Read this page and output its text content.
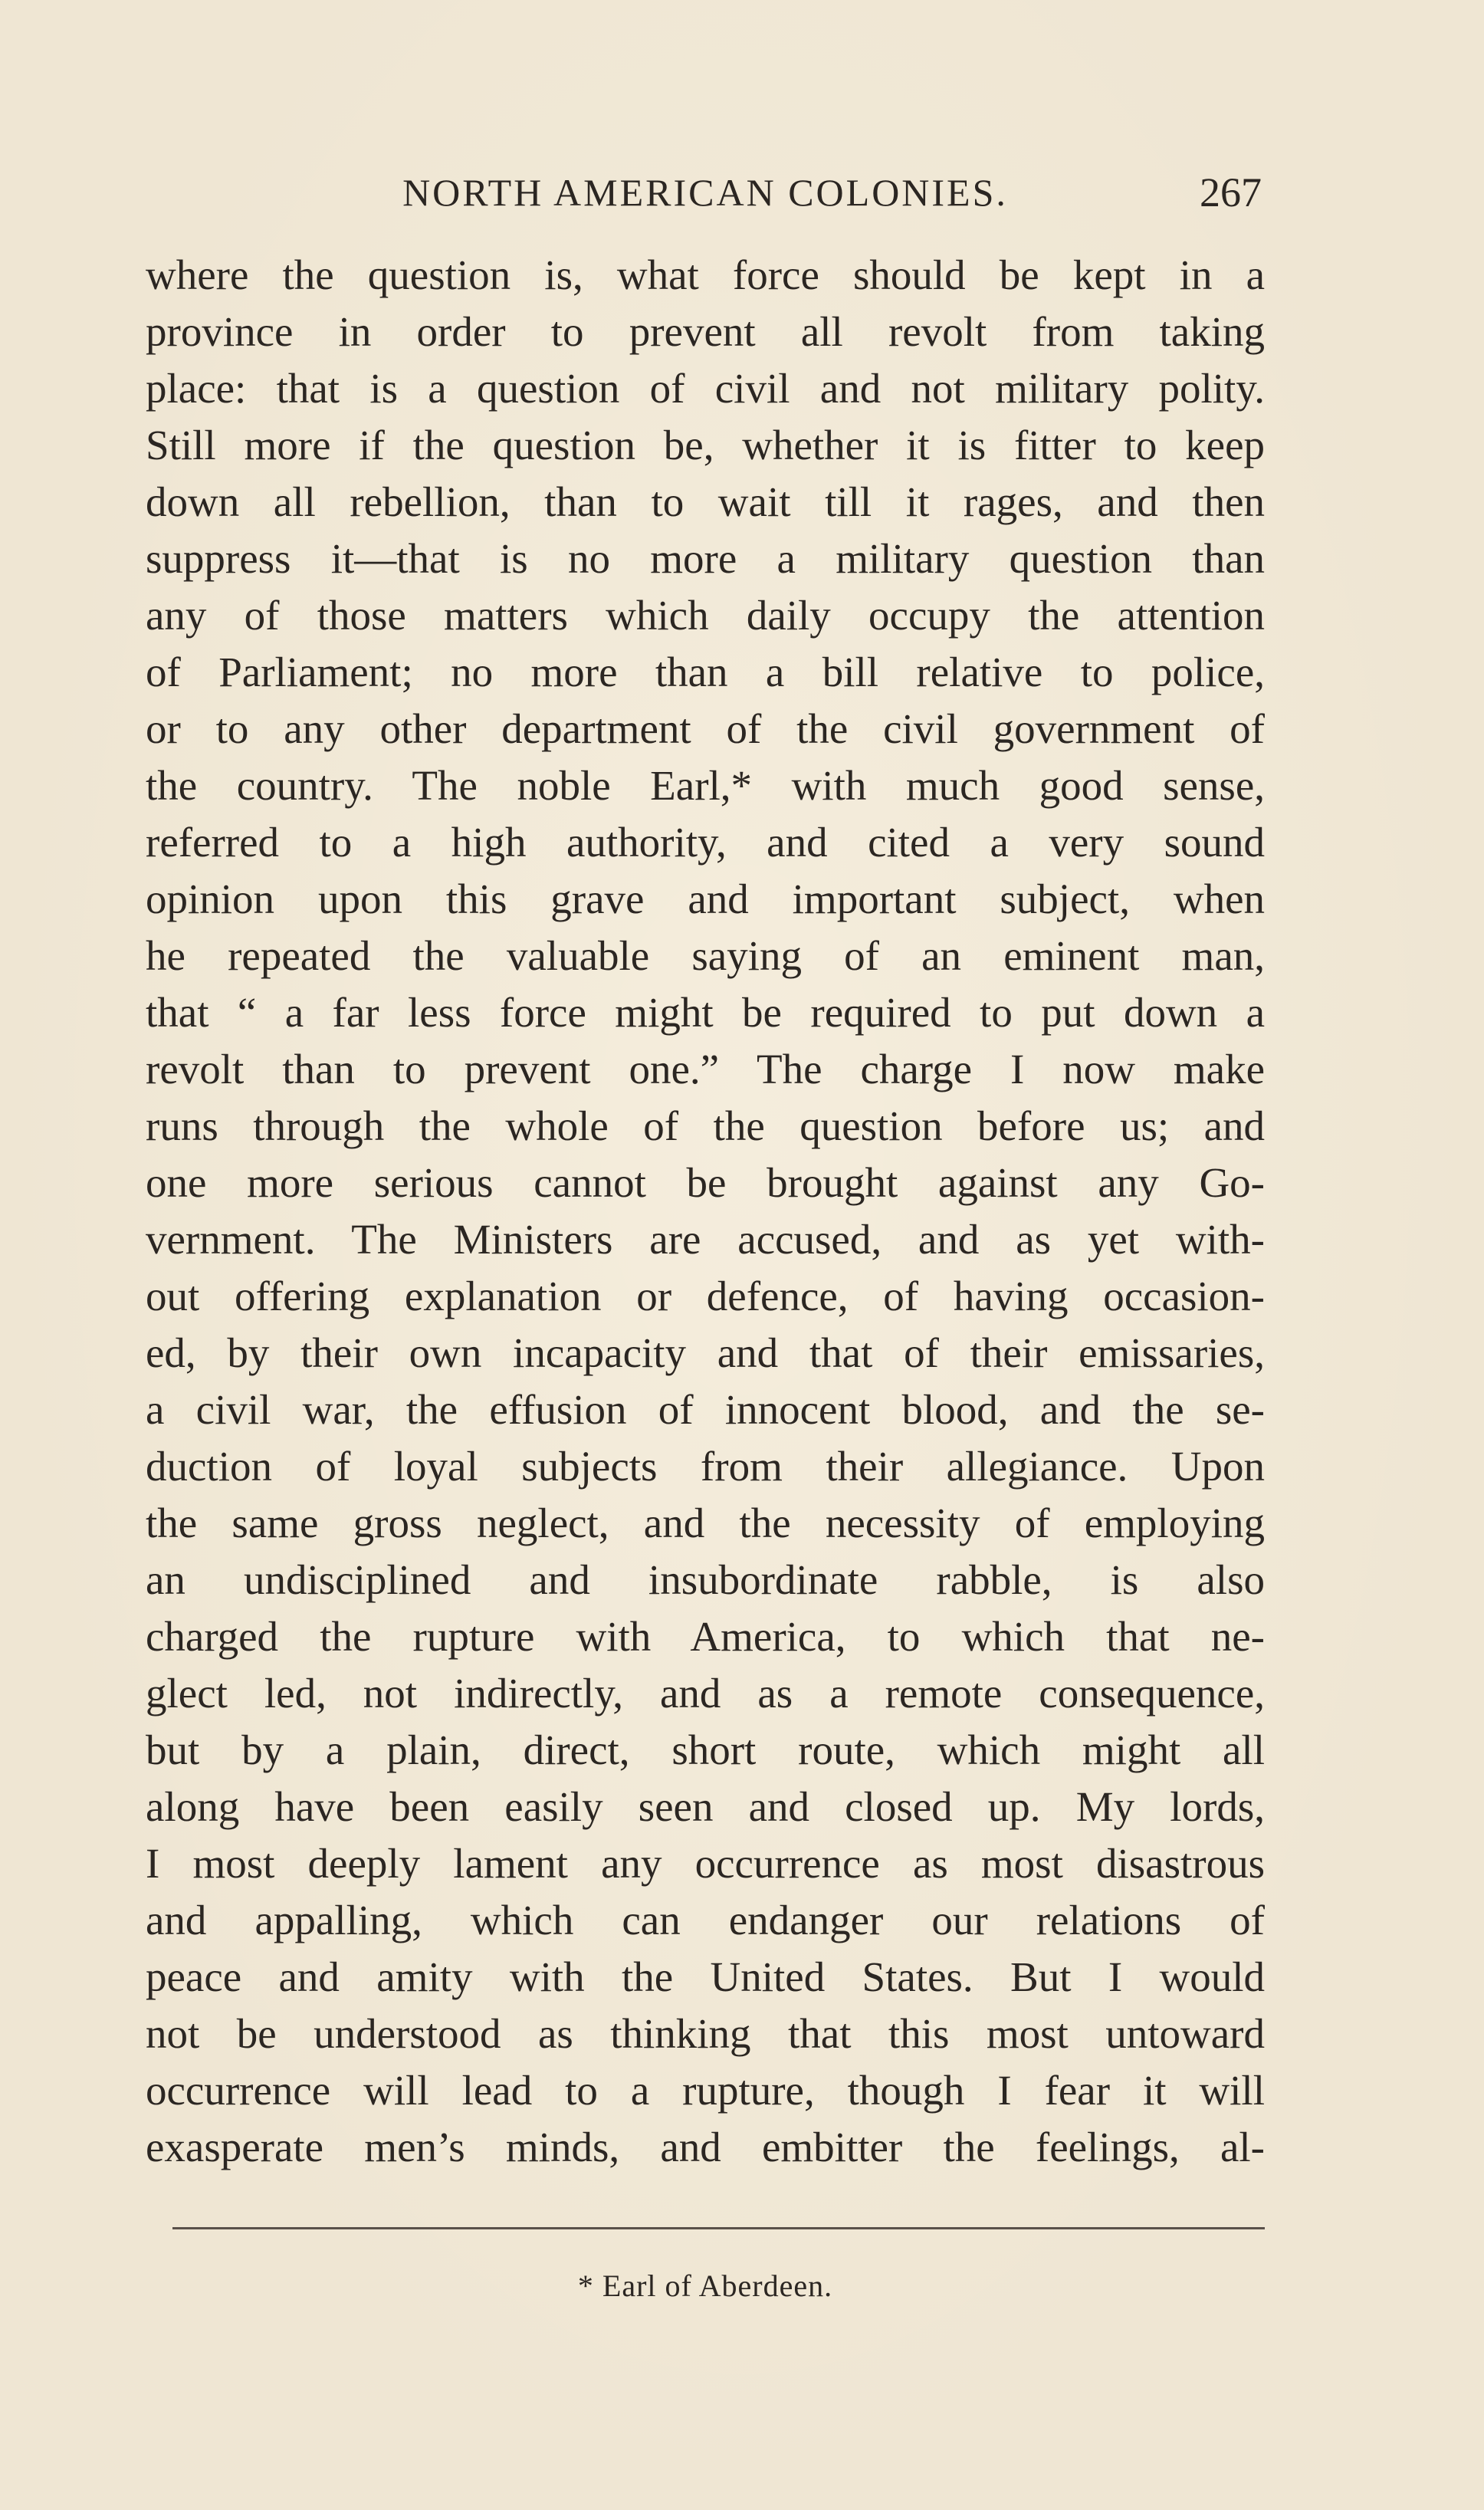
NORTH AMERICAN COLONIES.	267
where the question is, what force should be kept in a
province in order to prevent all revolt from taking
place: that is a question of civil and not military polity.
Still more if the question be, whether it is fitter to keep
down all rebellion, than to wait till it rages, and then
suppress it—that is no more a military question than
any of those matters which daily occupy the attention
of Parliament; no more than a bill relative to police,
or to any other department of the civil government of
the country. The noble Earl,* with much good sense,
referred to a high authority, and cited a very sound
opinion upon this grave and important subject, when
he repeated the valuable saying of an eminent man,
that “ a far less force might be required to put down a
revolt than to prevent one.” The charge I now make
runs through the whole of the question before us; and
one more serious cannot be brought against any Go-
vernment. The Ministers are accused, and as yet with-
out offering explanation or defence, of having occasion-
ed, by their own incapacity and that of their emissaries,
a civil war, the effusion of innocent blood, and the se-
duction of loyal subjects from their allegiance. Upon
the same gross neglect, and the necessity of employing
an undisciplined and insubordinate rabble, is also
charged the rupture with America, to which that ne-
glect led, not indirectly, and as a remote consequence,
but by a plain, direct, short route, which might all
along have been easily seen and closed up. My lords,
I most deeply lament any occurrence as most disastrous
and appalling, which can endanger our relations of
peace and amity with the United States. But I would
not be understood as thinking that this most untoward
occurrence will lead to a rupture, though I fear it will
exasperate men’s minds, and embitter the feelings, al-
* Earl of Aberdeen.
